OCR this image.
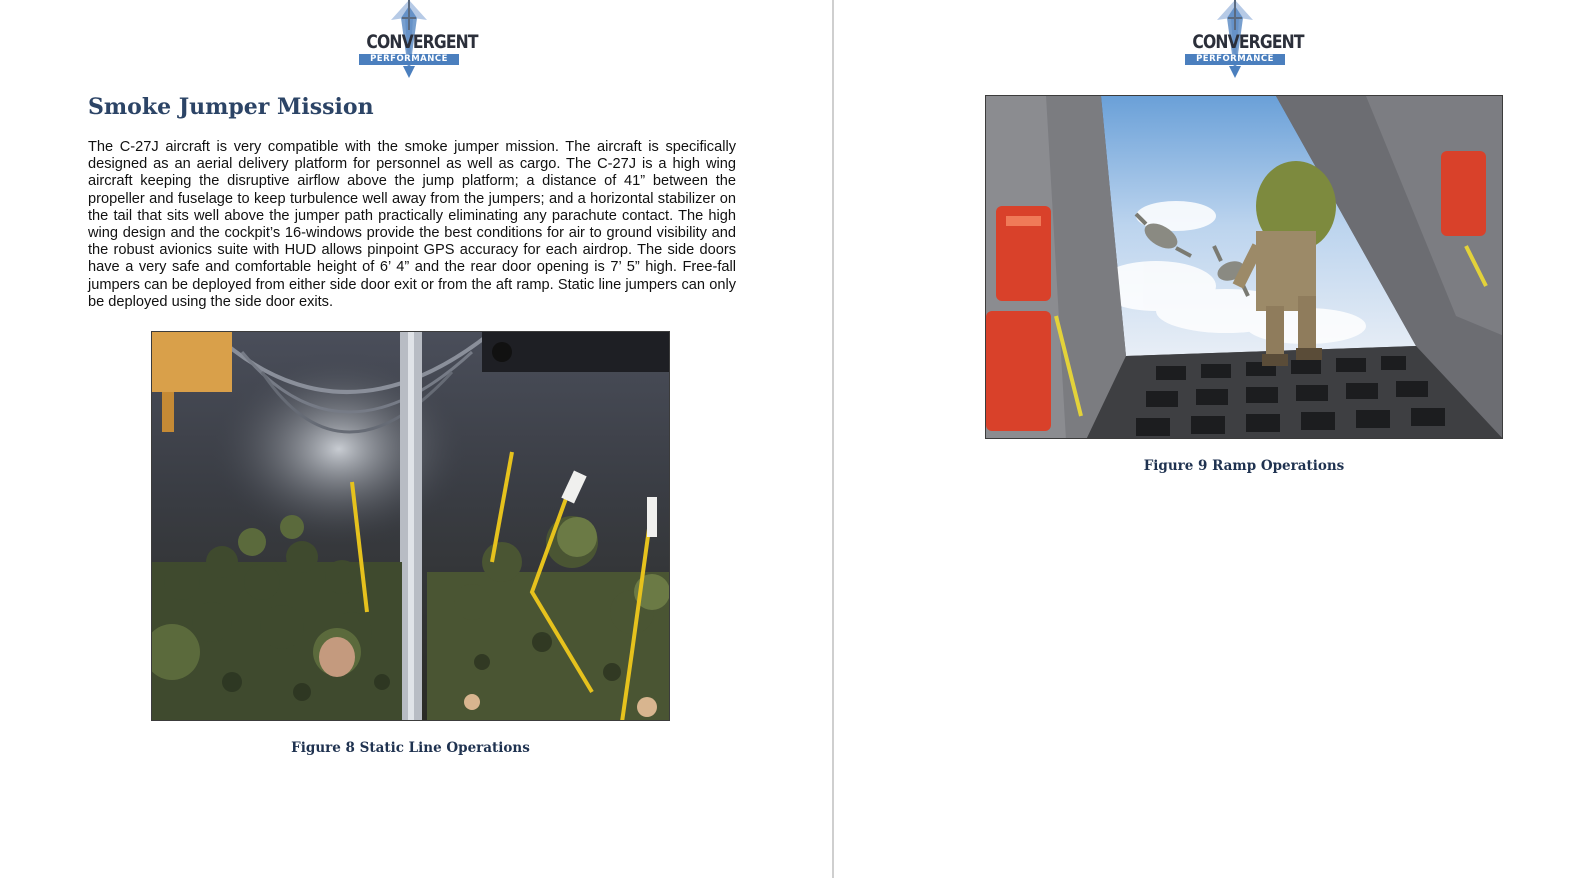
CONVERGENT
PERFORMANCE
Smoke Jumper Mission

The C-27J aircraft is very compatible with the smoke jumper mission. The aircraft is specifically designed as an aerial delivery platform for personnel as well as cargo. The C-27J is a high wing aircraft keeping the disruptive airflow above the jump platform; a distance of 41” between the propeller and fuselage to keep turbulence well away from the jumpers; and a horizontal stabilizer on the tail that sits well above the jumper path practically eliminating any parachute contact. The high wing design and the cockpit’s 16-windows provide the best conditions for air to ground visibility and the robust avionics suite with HUD allows pinpoint GPS accuracy for each airdrop. The side doors have a very safe and comfortable height of 6’ 4” and the rear door opening is 7’ 5” high. Free-fall jumpers can be deployed from either side door exit or from the aft ramp. Static line jumpers can only be deployed using the side door exits.

Figure 8 Static Line Operations
CONVERGENT
PERFORMANCE
Figure 9 Ramp Operations
